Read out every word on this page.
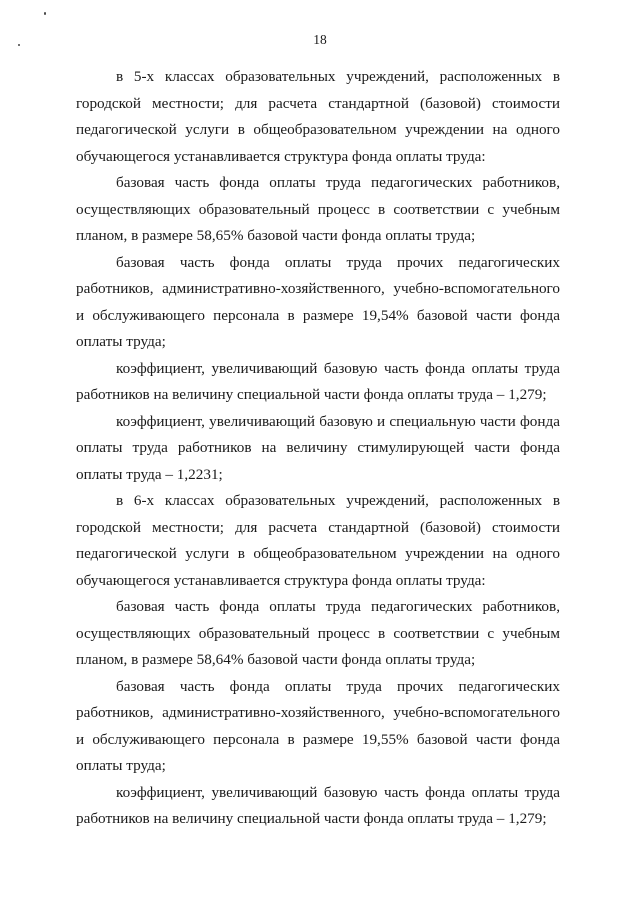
18

в 5-х классах образовательных учреждений, расположенных в городской местности; для расчета стандартной (базовой) стоимости педагогической услуги в общеобразовательном учреждении на одного обучающегося устанавливается структура фонда оплаты труда:

базовая часть фонда оплаты труда педагогических работников, осуществляющих образовательный процесс в соответствии с учебным планом, в размере 58,65% базовой части фонда оплаты труда;

базовая часть фонда оплаты труда прочих педагогических работников, административно-хозяйственного, учебно-вспомогательного и обслуживающего персонала в размере 19,54% базовой части фонда оплаты труда;

коэффициент, увеличивающий базовую часть фонда оплаты труда работников на величину специальной части фонда оплаты труда – 1,279;

коэффициент, увеличивающий базовую и специальную части фонда оплаты труда работников на величину стимулирующей части фонда оплаты труда – 1,2231;

в 6-х классах образовательных учреждений, расположенных в городской местности; для расчета стандартной (базовой) стоимости педагогической услуги в общеобразовательном учреждении на одного обучающегося устанавливается структура фонда оплаты труда:

базовая часть фонда оплаты труда педагогических работников, осуществляющих образовательный процесс в соответствии с учебным планом, в размере 58,64% базовой части фонда оплаты труда;

базовая часть фонда оплаты труда прочих педагогических работников, административно-хозяйственного, учебно-вспомогательного и обслуживающего персонала в размере 19,55% базовой части фонда оплаты труда;

коэффициент, увеличивающий базовую часть фонда оплаты труда работников на величину специальной части фонда оплаты труда – 1,279;
